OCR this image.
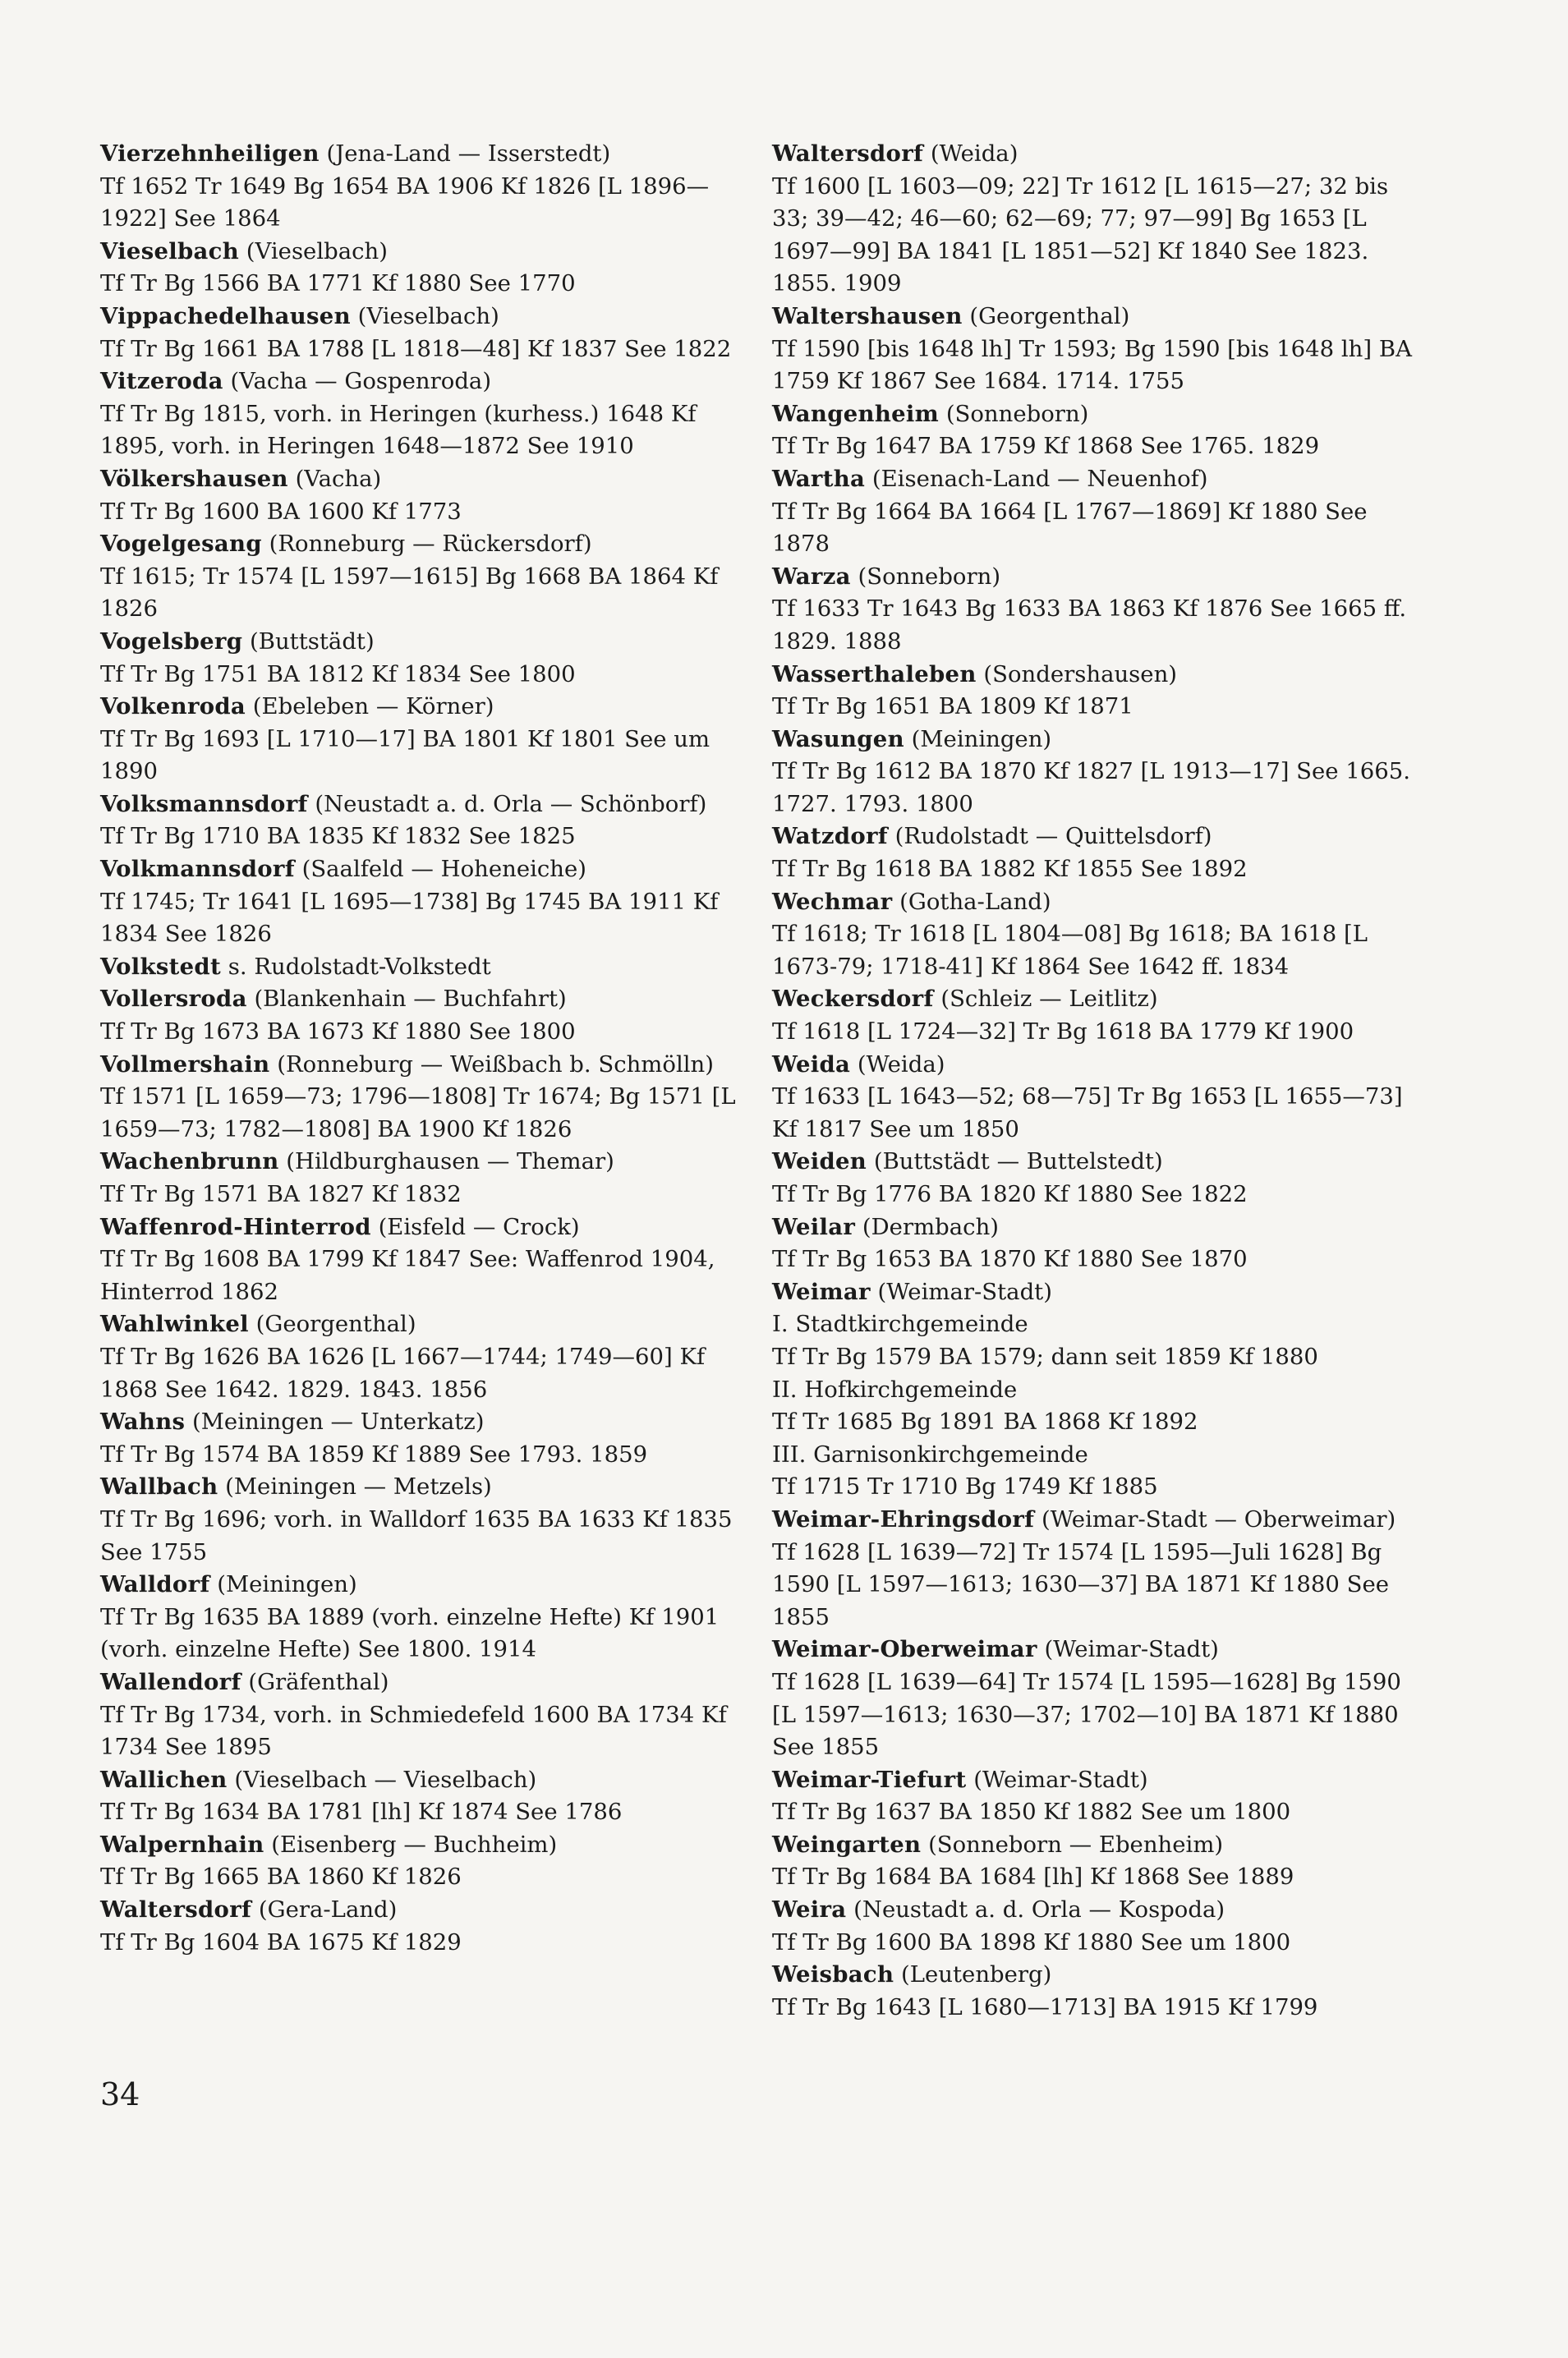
Vierzehnheiligen (Jena-Land — Isserstedt)

Tf 1652 Tr 1649 Bg 1654 BA 1906 Kf 1826 [L 1896—1922] See 1864

Vieselbach (Vieselbach)

Tf Tr Bg 1566 BA 1771 Kf 1880 See 1770

Vippachedelhausen (Vieselbach)

Tf Tr Bg 1661 BA 1788 [L 1818—48] Kf 1837 See 1822

Vitzeroda (Vacha — Gospenroda)

Tf Tr Bg 1815, vorh. in Heringen (kurhess.) 1648 Kf 1895, vorh. in Heringen 1648—1872 See 1910

Völkershausen (Vacha)

Tf Tr Bg 1600 BA 1600 Kf 1773

Vogelgesang (Ronneburg — Rückersdorf)

Tf 1615; Tr 1574 [L 1597—1615] Bg 1668 BA 1864 Kf 1826

Vogelsberg (Buttstädt)

Tf Tr Bg 1751 BA 1812 Kf 1834 See 1800

Volkenroda (Ebeleben — Körner)

Tf Tr Bg 1693 [L 1710—17] BA 1801 Kf 1801 See um 1890

Volksmannsdorf (Neustadt a. d. Orla — Schönborf)

Tf Tr Bg 1710 BA 1835 Kf 1832 See 1825

Volkmannsdorf (Saalfeld — Hoheneiche)

Tf 1745; Tr 1641 [L 1695—1738] Bg 1745 BA 1911 Kf 1834 See 1826

Volkstedt s. Rudolstadt-Volkstedt

Vollersroda (Blankenhain — Buchfahrt)

Tf Tr Bg 1673 BA 1673 Kf 1880 See 1800

Vollmershain (Ronneburg — Weißbach b. Schmölln)

Tf 1571 [L 1659—73; 1796—1808] Tr 1674; Bg 1571 [L 1659—73; 1782—1808] BA 1900 Kf 1826

Wachenbrunn (Hildburghausen — Themar)

Tf Tr Bg 1571 BA 1827 Kf 1832

Waffenrod-Hinterrod (Eisfeld — Crock)

Tf Tr Bg 1608 BA 1799 Kf 1847 See: Waffenrod 1904, Hinterrod 1862

Wahlwinkel (Georgenthal)

Tf Tr Bg 1626 BA 1626 [L 1667—1744; 1749—60] Kf 1868 See 1642. 1829. 1843. 1856

Wahns (Meiningen — Unterkatz)

Tf Tr Bg 1574 BA 1859 Kf 1889 See 1793. 1859

Wallbach (Meiningen — Metzels)

Tf Tr Bg 1696; vorh. in Walldorf 1635 BA 1633 Kf 1835 See 1755

Walldorf (Meiningen)

Tf Tr Bg 1635 BA 1889 (vorh. einzelne Hefte) Kf 1901 (vorh. einzelne Hefte) See 1800. 1914

Wallendorf (Gräfenthal)

Tf Tr Bg 1734, vorh. in Schmiedefeld 1600 BA 1734 Kf 1734 See 1895

Wallichen (Vieselbach — Vieselbach)

Tf Tr Bg 1634 BA 1781 [lh] Kf 1874 See 1786

Walpernhain (Eisenberg — Buchheim)

Tf Tr Bg 1665 BA 1860 Kf 1826

Waltersdorf (Gera-Land)

Tf Tr Bg 1604 BA 1675 Kf 1829

Waltersdorf (Weida)

Tf 1600 [L 1603—09; 22] Tr 1612 [L 1615—27; 32 bis 33; 39—42; 46—60; 62—69; 77; 97—99] Bg 1653 [L 1697—99] BA 1841 [L 1851—52] Kf 1840 See 1823. 1855. 1909

Waltershausen (Georgenthal)

Tf 1590 [bis 1648 lh] Tr 1593; Bg 1590 [bis 1648 lh] BA 1759 Kf 1867 See 1684. 1714. 1755

Wangenheim (Sonneborn)

Tf Tr Bg 1647 BA 1759 Kf 1868 See 1765. 1829

Wartha (Eisenach-Land — Neuenhof)

Tf Tr Bg 1664 BA 1664 [L 1767—1869] Kf 1880 See 1878

Warza (Sonneborn)

Tf 1633 Tr 1643 Bg 1633 BA 1863 Kf 1876 See 1665 ff. 1829. 1888

Wasserthaleben (Sondershausen)

Tf Tr Bg 1651 BA 1809 Kf 1871

Wasungen (Meiningen)

Tf Tr Bg 1612 BA 1870 Kf 1827 [L 1913—17] See 1665. 1727. 1793. 1800

Watzdorf (Rudolstadt — Quittelsdorf)

Tf Tr Bg 1618 BA 1882 Kf 1855 See 1892

Wechmar (Gotha-Land)

Tf 1618; Tr 1618 [L 1804—08] Bg 1618; BA 1618 [L 1673-79; 1718-41] Kf 1864 See 1642 ff. 1834

Weckersdorf (Schleiz — Leitlitz)

Tf 1618 [L 1724—32] Tr Bg 1618 BA 1779 Kf 1900

Weida (Weida)

Tf 1633 [L 1643—52; 68—75] Tr Bg 1653 [L 1655—73] Kf 1817 See um 1850

Weiden (Buttstädt — Buttelstedt)

Tf Tr Bg 1776 BA 1820 Kf 1880 See 1822

Weilar (Dermbach)

Tf Tr Bg 1653 BA 1870 Kf 1880 See 1870

Weimar (Weimar-Stadt)

I. Stadtkirchgemeinde
Tf Tr Bg 1579 BA 1579; dann seit 1859 Kf 1880
II. Hofkirchgemeinde
Tf Tr 1685 Bg 1891 BA 1868 Kf 1892
III. Garnisonkirchgemeinde
Tf 1715 Tr 1710 Bg 1749 Kf 1885

Weimar-Ehringsdorf (Weimar-Stadt — Oberweimar)

Tf 1628 [L 1639—72] Tr 1574 [L 1595—Juli 1628] Bg 1590 [L 1597—1613; 1630—37] BA 1871 Kf 1880 See 1855

Weimar-Oberweimar (Weimar-Stadt)

Tf 1628 [L 1639—64] Tr 1574 [L 1595—1628] Bg 1590 [L 1597—1613; 1630—37; 1702—10] BA 1871 Kf 1880 See 1855

Weimar-Tiefurt (Weimar-Stadt)

Tf Tr Bg 1637 BA 1850 Kf 1882 See um 1800

Weingarten (Sonneborn — Ebenheim)

Tf Tr Bg 1684 BA 1684 [lh] Kf 1868 See 1889

Weira (Neustadt a. d. Orla — Kospoda)

Tf Tr Bg 1600 BA 1898 Kf 1880 See um 1800

Weisbach (Leutenberg)

Tf Tr Bg 1643 [L 1680—1713] BA 1915 Kf 1799

34
